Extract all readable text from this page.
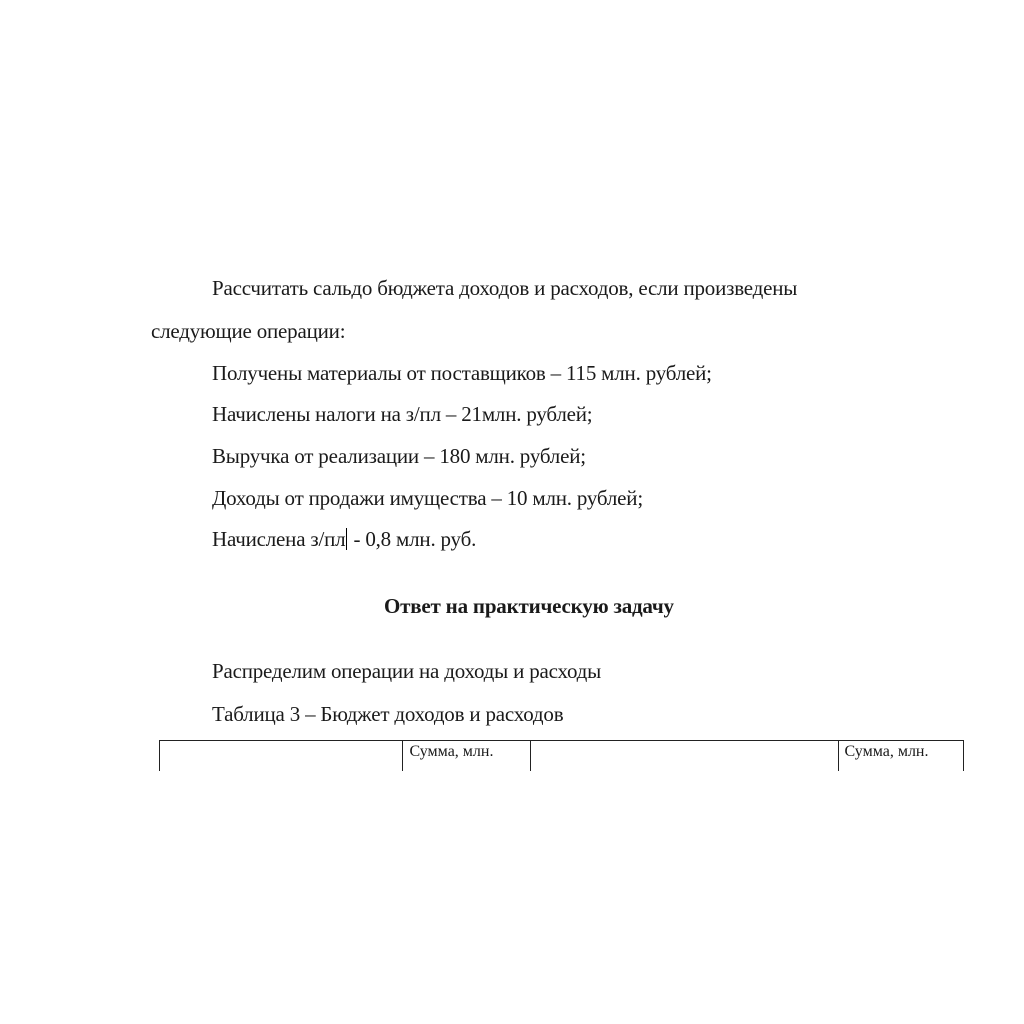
Рассчитать сальдо бюджета доходов и расходов, если произведены
следующие операции:
Получены материалы от поставщиков – 115 млн. рублей;
Начислены налоги на з/пл – 21млн. рублей;
Выручка от реализации – 180 млн. рублей;
Доходы от продажи имущества – 10 млн. рублей;
Начислена з/пл - 0,8 млн. руб.
Ответ на практическую задачу
Распределим операции на доходы и расходы
Таблица 3 – Бюджет доходов и расходов
	Сумма, млн.		Сумма, млн.
